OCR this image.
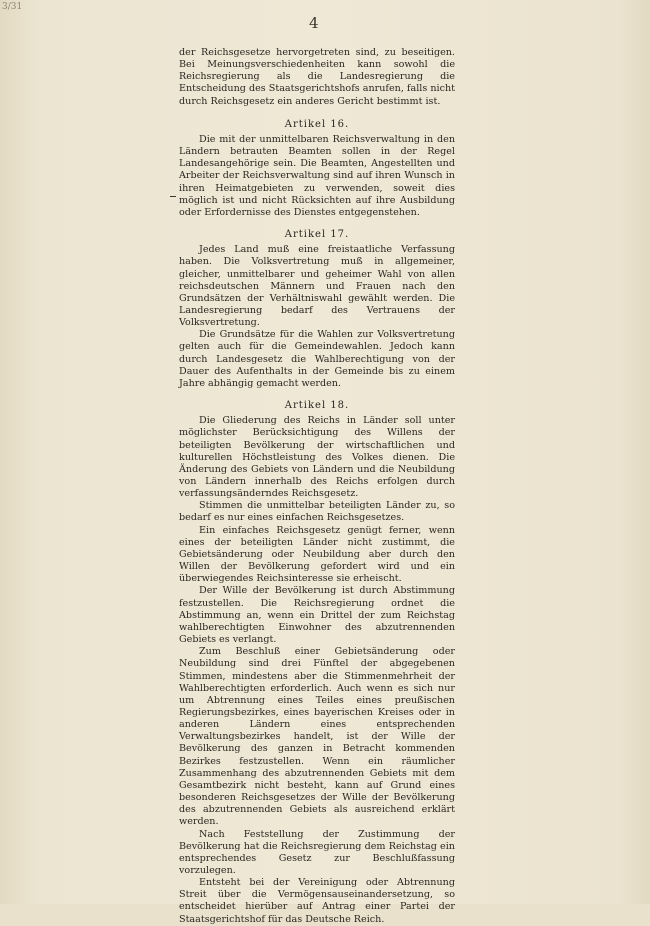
3/31
4

der Reichsgesetze hervorgetreten sind, zu beseitigen. Bei Meinungsverschiedenheiten kann sowohl die Reichsregierung als die Landesregierung die Entscheidung des Staatsgerichtshofs anrufen, falls nicht durch Reichsgesetz ein anderes Gericht bestimmt ist.

Artikel 16.

Die mit der unmittelbaren Reichsverwaltung in den Ländern betrauten Beamten sollen in der Regel Landesangehörige sein. Die Beamten, Angestellten und Arbeiter der Reichsverwaltung sind auf ihren Wunsch in ihren Heimatgebieten zu verwenden, soweit dies möglich ist und nicht Rücksichten auf ihre Ausbildung oder Erfordernisse des Dienstes entgegenstehen.

Artikel 17.

Jedes Land muß eine freistaatliche Verfassung haben. Die Volksvertretung muß in allgemeiner, gleicher, unmittelbarer und geheimer Wahl von allen reichsdeutschen Männern und Frauen nach den Grundsätzen der Verhältniswahl gewählt werden. Die Landesregierung bedarf des Vertrauens der Volksvertretung.

Die Grundsätze für die Wahlen zur Volksvertretung gelten auch für die Gemeindewahlen. Jedoch kann durch Landesgesetz die Wahlberechtigung von der Dauer des Aufenthalts in der Gemeinde bis zu einem Jahre abhängig gemacht werden.

Artikel 18.

Die Gliederung des Reichs in Länder soll unter möglichster Berücksichtigung des Willens der beteiligten Bevölkerung der wirtschaftlichen und kulturellen Höchstleistung des Volkes dienen. Die Änderung des Gebiets von Ländern und die Neubildung von Ländern innerhalb des Reichs erfolgen durch verfassungsänderndes Reichsgesetz.

Stimmen die unmittelbar beteiligten Länder zu, so bedarf es nur eines einfachen Reichsgesetzes.

Ein einfaches Reichsgesetz genügt ferner, wenn eines der beteiligten Länder nicht zustimmt, die Gebietsänderung oder Neubildung aber durch den Willen der Bevölkerung gefordert wird und ein überwiegendes Reichsinteresse sie erheischt.

Der Wille der Bevölkerung ist durch Abstimmung festzustellen. Die Reichsregierung ordnet die Abstimmung an, wenn ein Drittel der zum Reichstag wahlberechtigten Einwohner des abzutrennenden Gebiets es verlangt.

Zum Beschluß einer Gebietsänderung oder Neubildung sind drei Fünftel der abgegebenen Stimmen, mindestens aber die Stimmenmehrheit der Wahlberechtigten erforderlich. Auch wenn es sich nur um Abtrennung eines Teiles eines preußischen Regierungsbezirkes, eines bayerischen Kreises oder in anderen Ländern eines entsprechenden Verwaltungsbezirkes handelt, ist der Wille der Bevölkerung des ganzen in Betracht kommenden Bezirkes festzustellen. Wenn ein räumlicher Zusammenhang des abzutrennenden Gebiets mit dem Gesamtbezirk nicht besteht, kann auf Grund eines besonderen Reichsgesetzes der Wille der Bevölkerung des abzutrennenden Gebiets als ausreichend erklärt werden.

Nach Feststellung der Zustimmung der Bevölkerung hat die Reichsregierung dem Reichstag ein entsprechendes Gesetz zur Beschlußfassung vorzulegen.

Entsteht bei der Vereinigung oder Abtrennung Streit über die Vermögensauseinandersetzung, so entscheidet hierüber auf Antrag einer Partei der Staatsgerichtshof für das Deutsche Reich.
